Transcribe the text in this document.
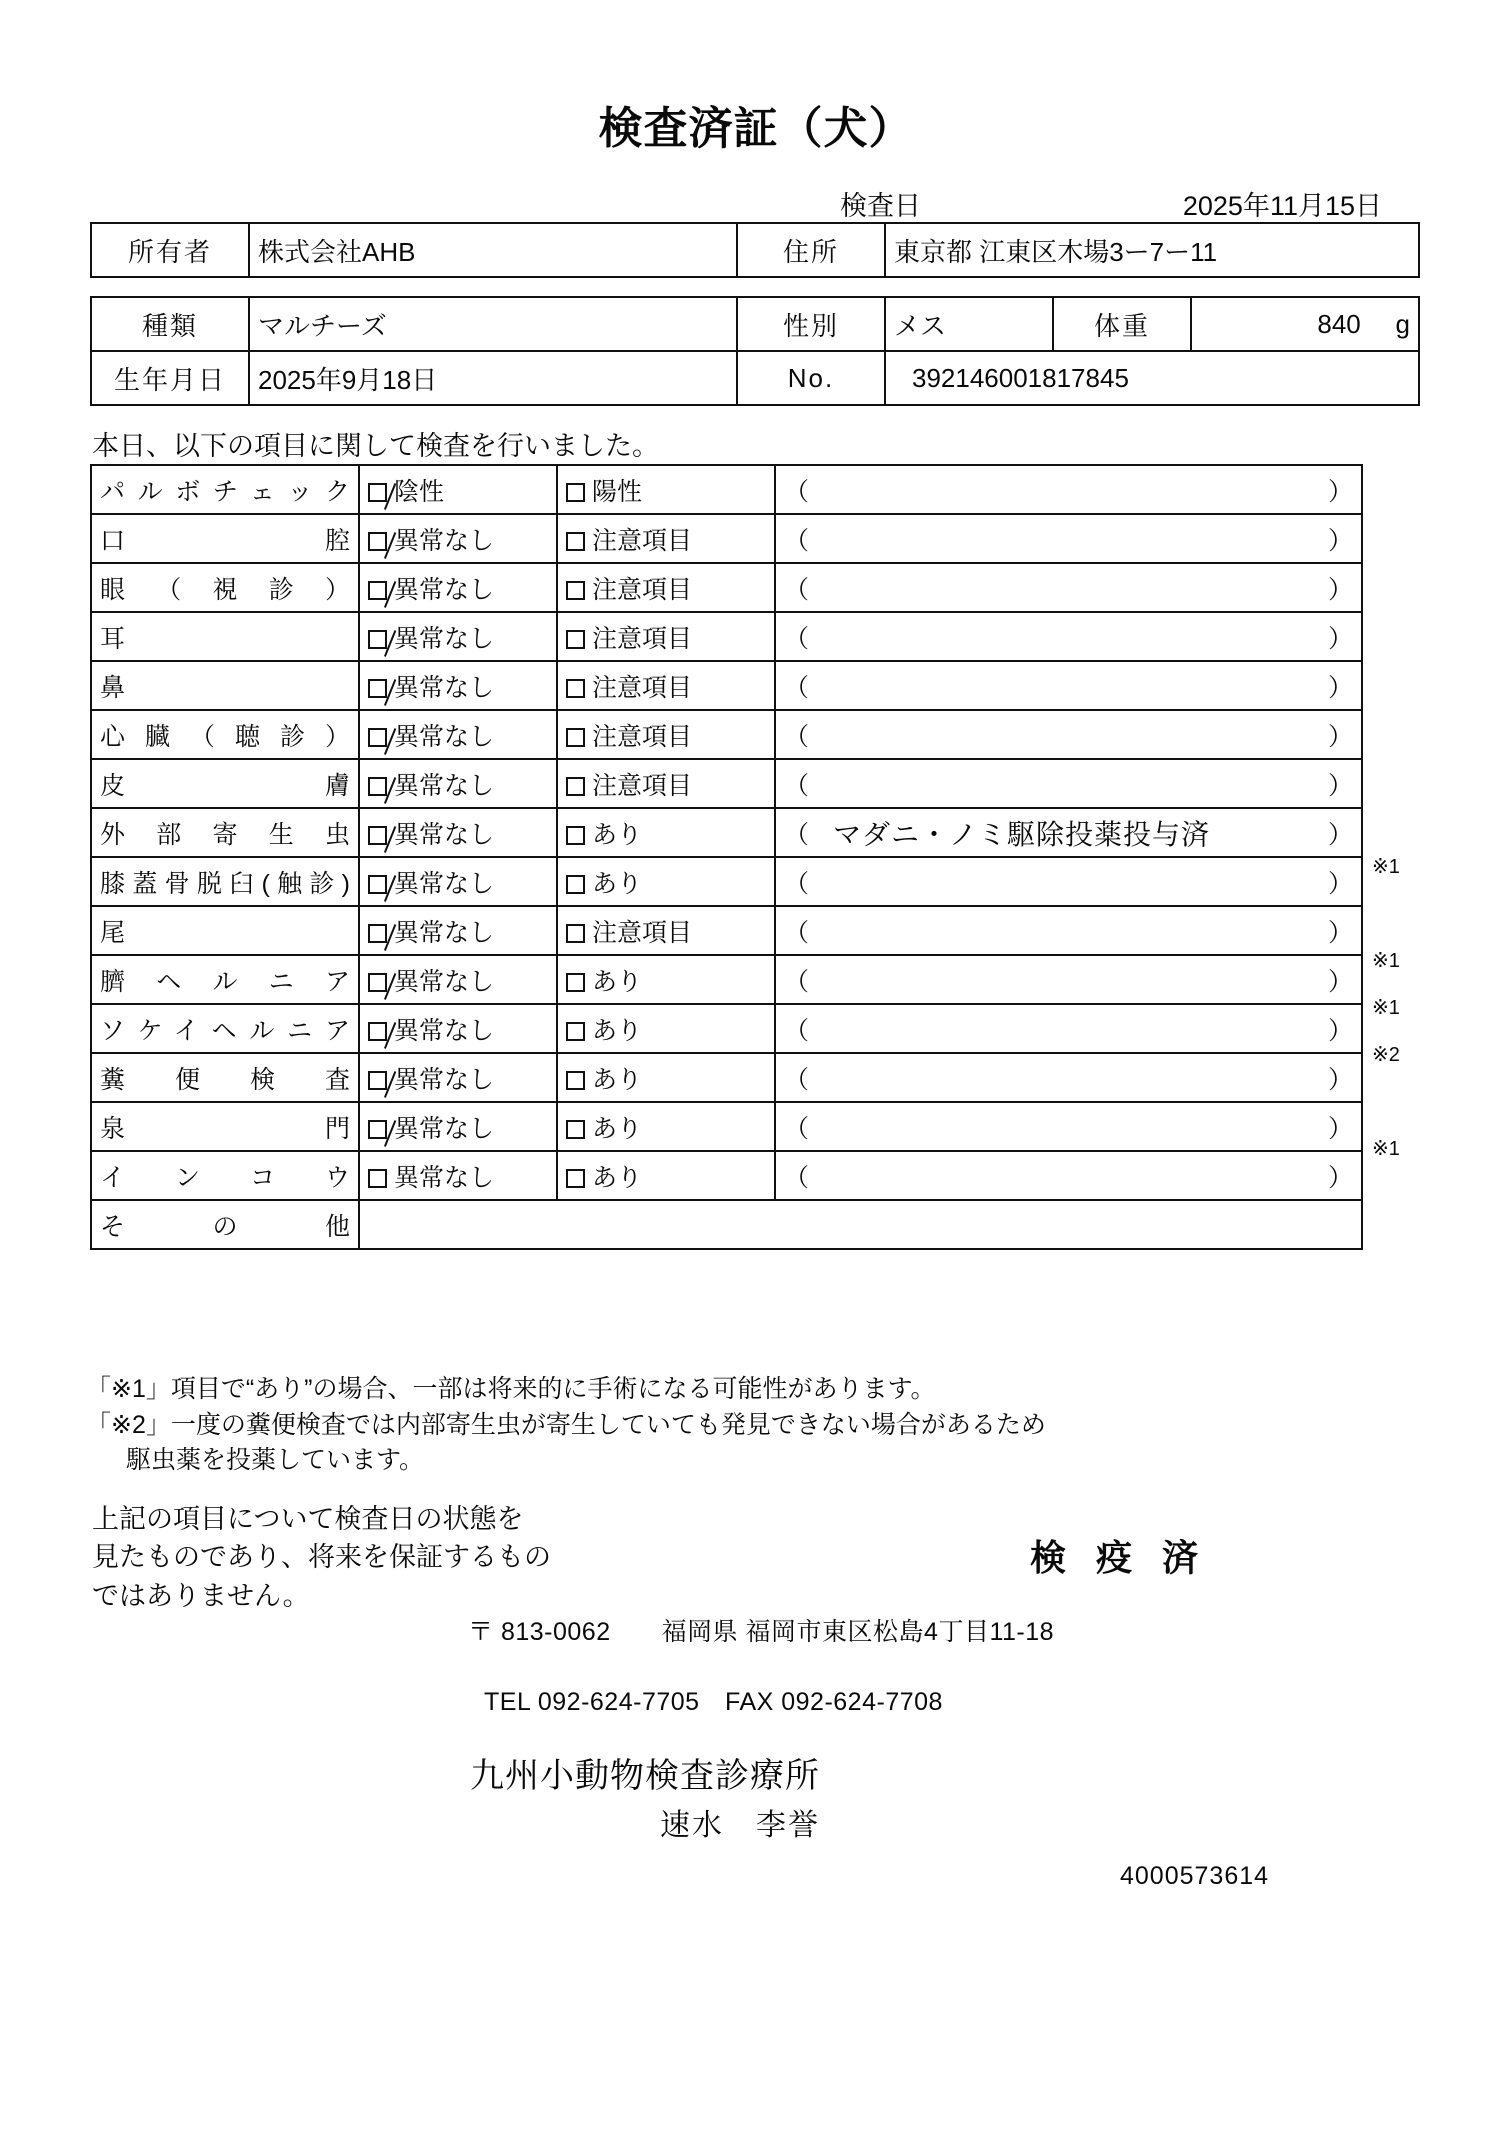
検査済証（犬）
検査日	2025年11月15日
所有者	株式会社AHB	住所	東京都 江東区木場3ー7ー11
種類	マルチーズ	性別	メス	体重	840 g
生年月日	2025年9月18日	No.	392146001817845		
本日、以下の項目に関して検査を行いました。
パルボチェック	陰性	陽性	（ ）

口腔	異常なし	注意項目	（ ）

眼（視診）	異常なし	注意項目	（ ）

耳	異常なし	注意項目	（ ）

鼻	異常なし	注意項目	（ ）

心臓（聴診）	異常なし	注意項目	（ ）

皮膚	異常なし	注意項目	（ ）

外部寄生虫	異常なし	あり	（ マダニ・ノミ駆除投薬投与済 ）

膝蓋骨脱臼(触診)	異常なし	あり	（ ）

尾	異常なし	注意項目	（ ）

臍ヘルニア	異常なし	あり	（ ）

ソケイヘルニア	異常なし	あり	（ ）

糞便検査	異常なし	あり	（ ）

泉門	異常なし	あり	（ ）

インコウ	異常なし	あり	（ ）

その他			
「※1」項目で“あり”の場合、一部は将来的に手術になる可能性があります。
「※2」一度の糞便検査では内部寄生虫が寄生していても発見できない場合があるため
駆虫薬を投薬しています。
上記の項目について検査日の状態を
見たものであり、将来を保証するもの
ではありません。
検 疫 済
〒 813-0062　　福岡県 福岡市東区松島4丁目11-18
TEL 092-624-7705　FAX 092-624-7708
九州小動物検査診療所
速水　李誉
4000573614
※1
※1
※1
※2
※1
